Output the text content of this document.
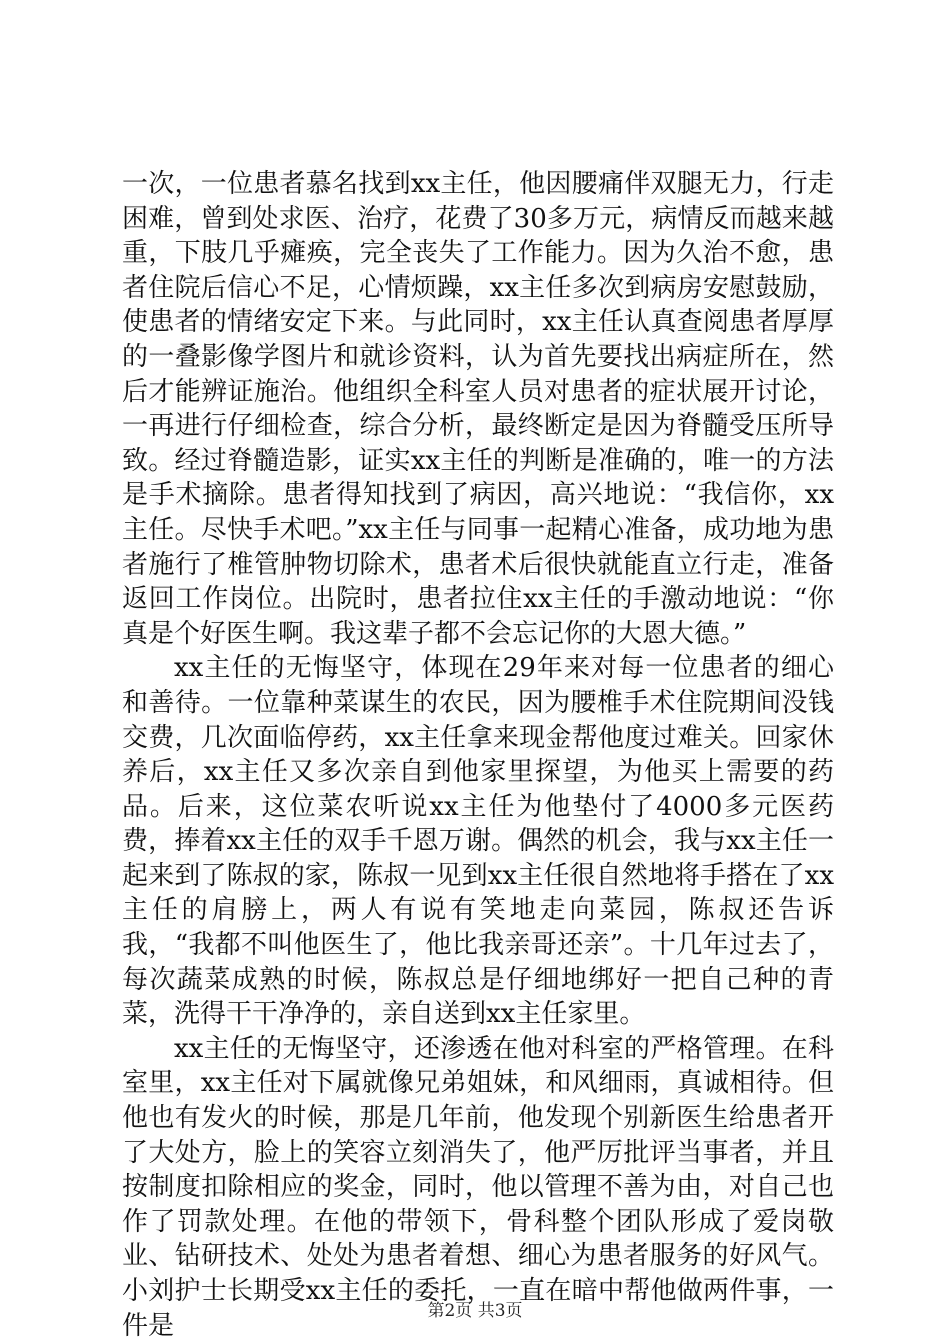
一次，一位患者慕名找到xx主任，他因腰痛伴双腿无力，行走困难，曾到处求医、治疗，花费了30多万元，病情反而越来越重，下肢几乎瘫痪，完全丧失了工作能力。因为久治不愈，患者住院后信心不足，心情烦躁，xx主任多次到病房安慰鼓励，使患者的情绪安定下来。与此同时，xx主任认真查阅患者厚厚的一叠影像学图片和就诊资料，认为首先要找出病症所在，然后才能辨证施治。他组织全科室人员对患者的症状展开讨论，一再进行仔细检查，综合分析，最终断定是因为脊髓受压所导致。经过脊髓造影，证实xx主任的判断是准确的，唯一的方法是手术摘除。患者得知找到了病因，高兴地说：“我信你，xx主任。尽快手术吧。”xx主任与同事一起精心准备，成功地为患者施行了椎管肿物切除术，患者术后很快就能直立行走，准备返回工作岗位。出院时，患者拉住xx主任的手激动地说：“你真是个好医生啊。我这辈子都不会忘记你的大恩大德。”

xx主任的无悔坚守，体现在29年来对每一位患者的细心和善待。一位靠种菜谋生的农民，因为腰椎手术住院期间没钱交费，几次面临停药，xx主任拿来现金帮他度过难关。回家休养后，xx主任又多次亲自到他家里探望，为他买上需要的药品。后来，这位菜农听说xx主任为他垫付了4000多元医药费，捧着xx主任的双手千恩万谢。偶然的机会，我与xx主任一起来到了陈叔的家，陈叔一见到xx主任很自然地将手搭在了xx主任的肩膀上，两人有说有笑地走向菜园，陈叔还告诉我，“我都不叫他医生了，他比我亲哥还亲”。十几年过去了，每次蔬菜成熟的时候，陈叔总是仔细地绑好一把自己种的青菜，洗得干干净净的，亲自送到xx主任家里。

xx主任的无悔坚守，还渗透在他对科室的严格管理。在科室里，xx主任对下属就像兄弟姐妹，和风细雨，真诚相待。但他也有发火的时候，那是几年前，他发现个别新医生给患者开了大处方，脸上的笑容立刻消失了，他严厉批评当事者，并且按制度扣除相应的奖金，同时，他以管理不善为由，对自己也作了罚款处理。在他的带领下，骨科整个团队形成了爱岗敬业、钻研技术、处处为患者着想、细心为患者服务的好风气。小刘护士长期受xx主任的委托，一直在暗中帮他做两件事，一件是	第2页 共3页
